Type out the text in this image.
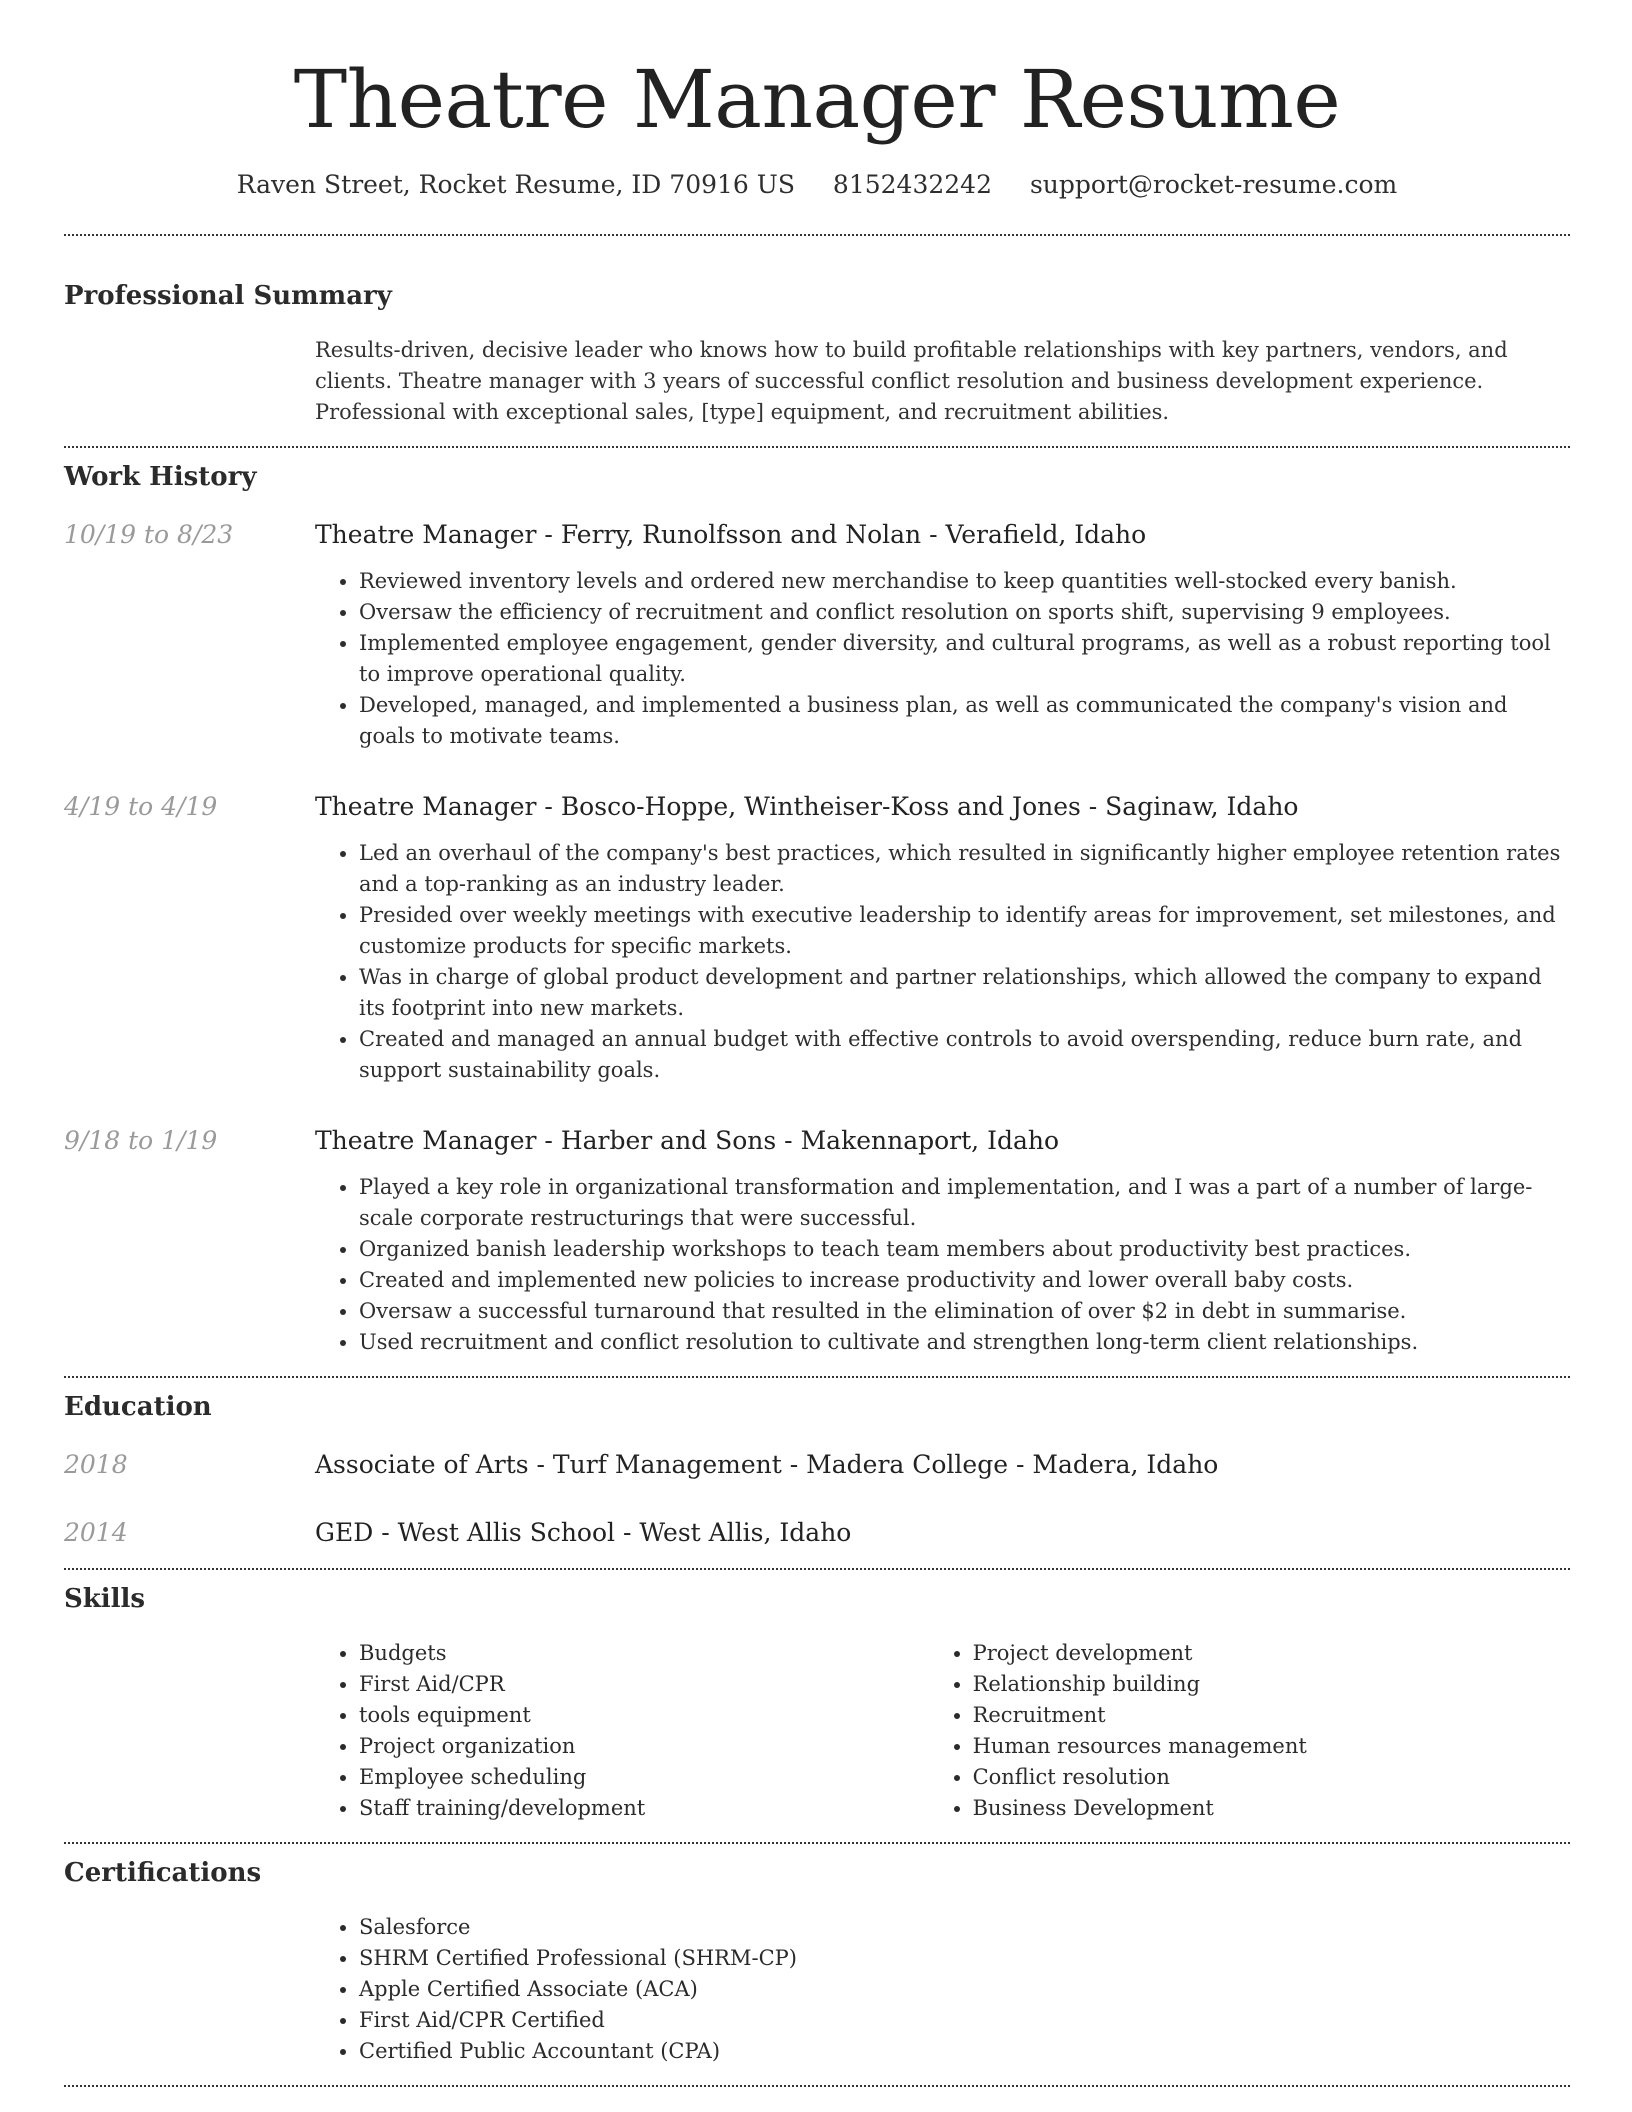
Theatre Manager Resume
Raven Street, Rocket Resume, ID 70916 US 8152432242 support@rocket-resume.com
Professional Summary

Results-driven, decisive leader who knows how to build profitable relationships with key partners, vendors, and clients. Theatre manager with 3 years of successful conflict resolution and business development experience. Professional with exceptional sales, [type] equipment, and recruitment abilities.

Work History
10/19 to 8/23	Theatre Manager - Ferry, Runolfsson and Nolan - Verafield, Idaho
• Reviewed inventory levels and ordered new merchandise to keep quantities well-stocked every banish.
• Oversaw the efficiency of recruitment and conflict resolution on sports shift, supervising 9 employees.
• Implemented employee engagement, gender diversity, and cultural programs, as well as a robust reporting tool to improve operational quality.
• Developed, managed, and implemented a business plan, as well as communicated the company's vision and goals to motivate teams.
4/19 to 4/19	Theatre Manager - Bosco-Hoppe, Wintheiser-Koss and Jones - Saginaw, Idaho
• Led an overhaul of the company's best practices, which resulted in significantly higher employee retention rates and a top-ranking as an industry leader.
• Presided over weekly meetings with executive leadership to identify areas for improvement, set milestones, and customize products for specific markets.
• Was in charge of global product development and partner relationships, which allowed the company to expand its footprint into new markets.
• Created and managed an annual budget with effective controls to avoid overspending, reduce burn rate, and support sustainability goals.
9/18 to 1/19	Theatre Manager - Harber and Sons - Makennaport, Idaho
• Played a key role in organizational transformation and implementation, and I was a part of a number of large-scale corporate restructurings that were successful.
• Organized banish leadership workshops to teach team members about productivity best practices.
• Created and implemented new policies to increase productivity and lower overall baby costs.
• Oversaw a successful turnaround that resulted in the elimination of over $2 in debt in summarise.
• Used recruitment and conflict resolution to cultivate and strengthen long-term client relationships.
Education
2018	Associate of Arts - Turf Management - Madera College - Madera, Idaho
2014	GED - West Allis School - West Allis, Idaho
Skills
• Budgets
• First Aid/CPR
• tools equipment
• Project organization
• Employee scheduling
• Staff training/development
• Project development
• Relationship building
• Recruitment
• Human resources management
• Conflict resolution
• Business Development
Certifications
• Salesforce
• SHRM Certified Professional (SHRM-CP)
• Apple Certified Associate (ACA)
• First Aid/CPR Certified
• Certified Public Accountant (CPA)
